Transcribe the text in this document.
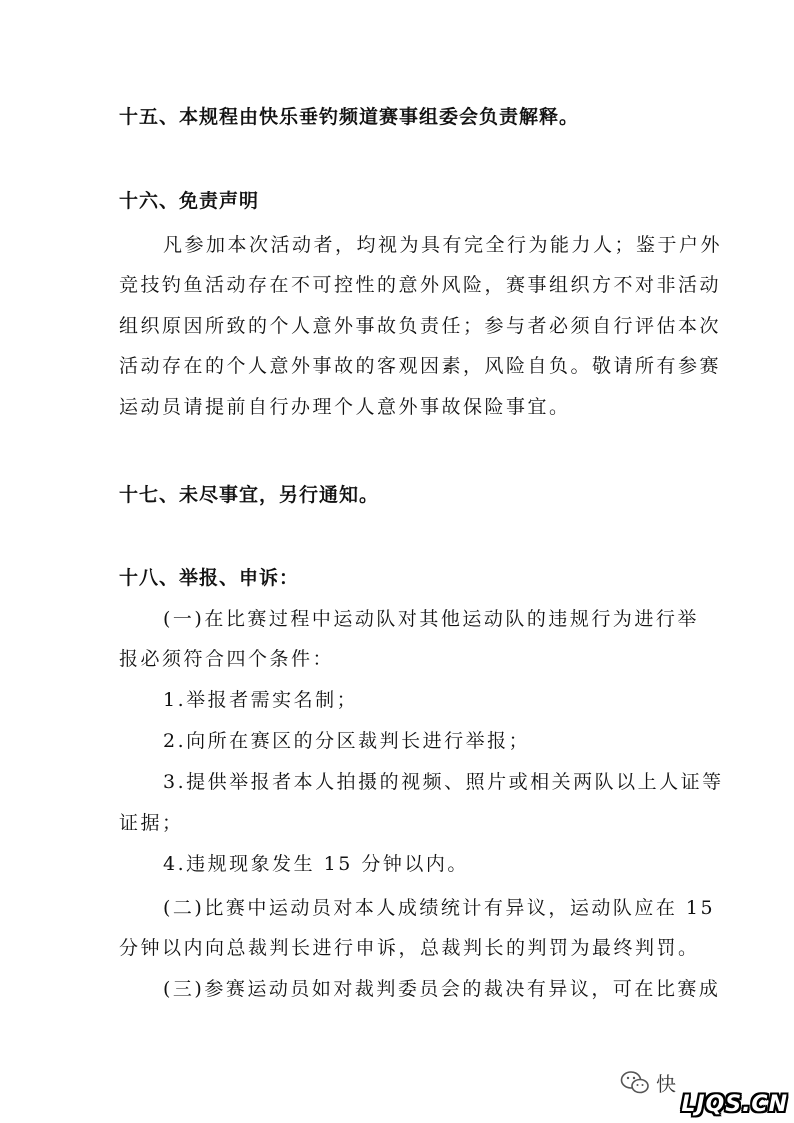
十五、本规程由快乐垂钓频道赛事组委会负责解释。

十六、免责声明

凡参加本次活动者，均视为具有完全行为能力人；鉴于户外

竞技钓鱼活动存在不可控性的意外风险，赛事组织方不对非活动

组织原因所致的个人意外事故负责任；参与者必须自行评估本次

活动存在的个人意外事故的客观因素，风险自负。敬请所有参赛

运动员请提前自行办理个人意外事故保险事宜。

十七、未尽事宜，另行通知。

十八、举报、申诉：

(一)在比赛过程中运动队对其他运动队的违规行为进行举

报必须符合四个条件：

1.举报者需实名制；

2.向所在赛区的分区裁判长进行举报；

3.提供举报者本人拍摄的视频、照片或相关两队以上人证等

证据；

4.违规现象发生 15 分钟以内。

(二)比赛中运动员对本人成绩统计有异议，运动队应在 15

分钟以内向总裁判长进行申诉，总裁判长的判罚为最终判罚。

(三)参赛运动员如对裁判委员会的裁决有异议，可在比赛成

快
LJQS.CN
